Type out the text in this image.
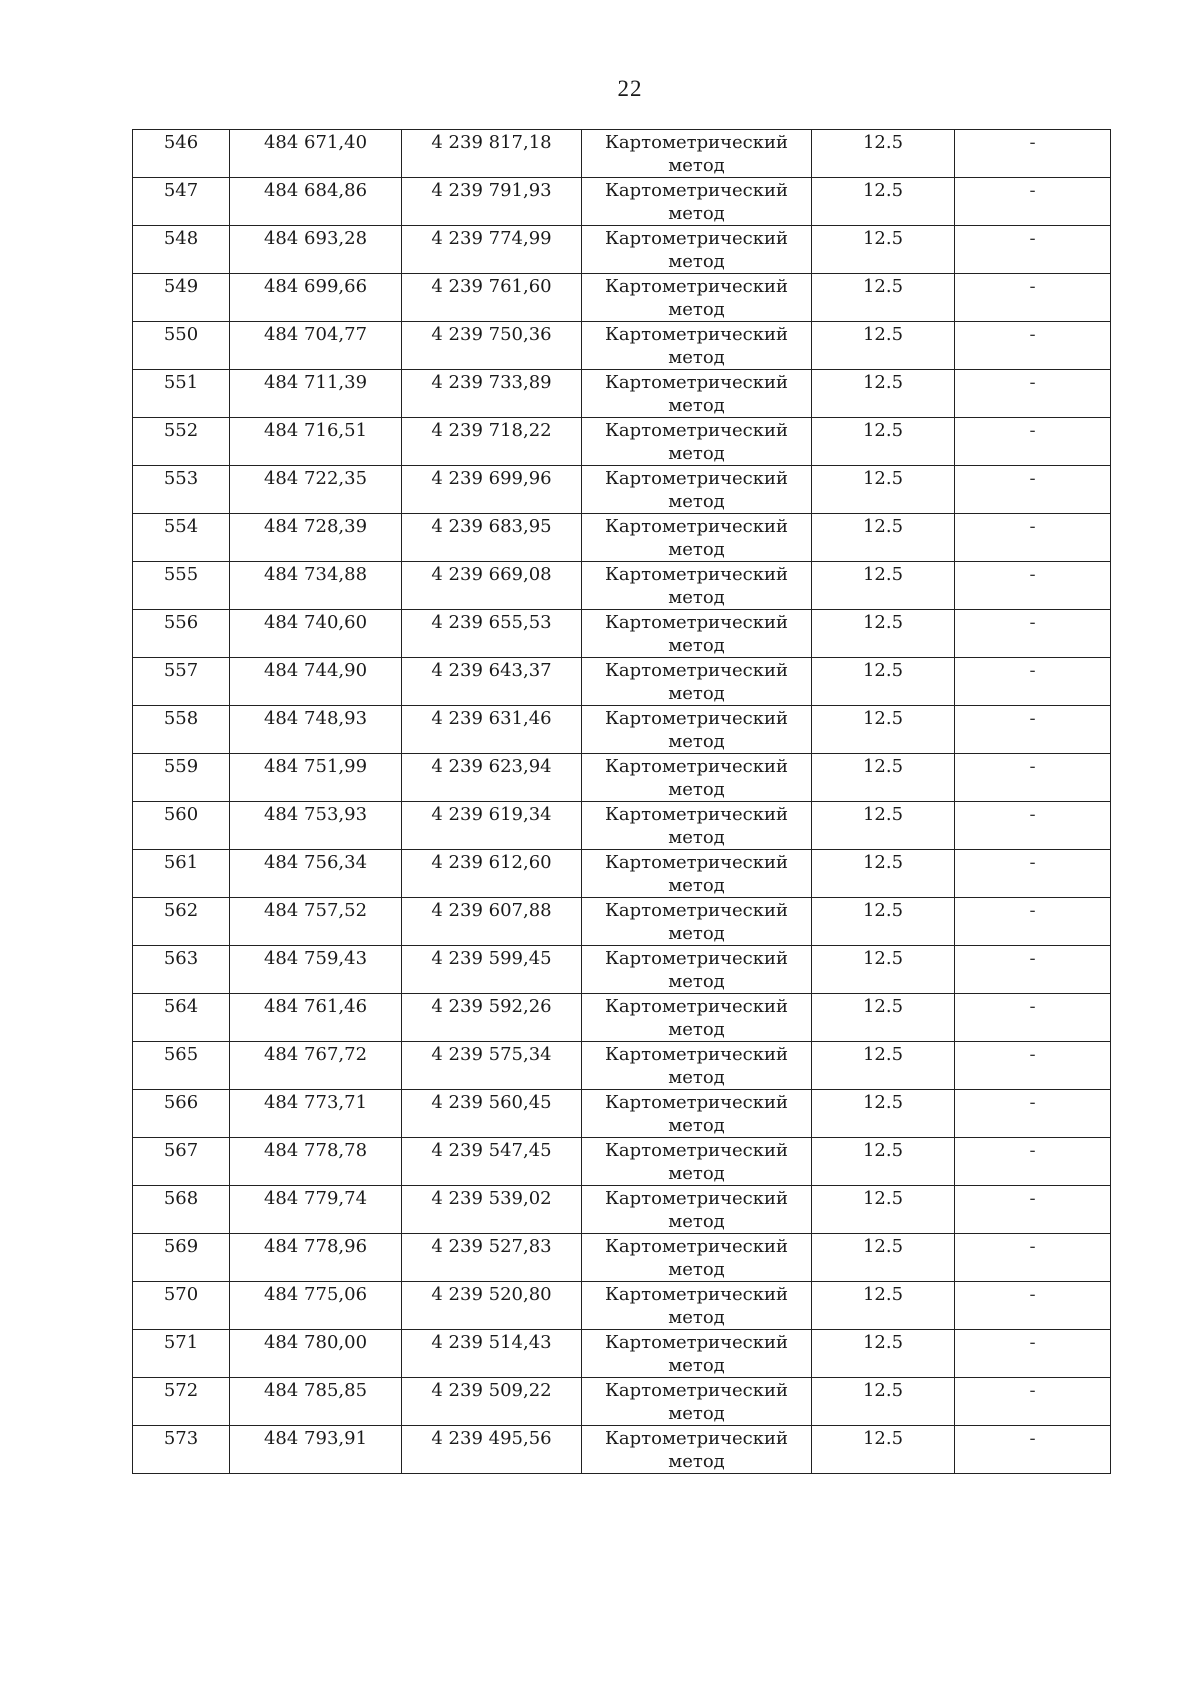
22
546	484 671,40	4 239 817,18	Картометрический метод	12.5	-
547	484 684,86	4 239 791,93	Картометрический метод	12.5	-
548	484 693,28	4 239 774,99	Картометрический метод	12.5	-
549	484 699,66	4 239 761,60	Картометрический метод	12.5	-
550	484 704,77	4 239 750,36	Картометрический метод	12.5	-
551	484 711,39	4 239 733,89	Картометрический метод	12.5	-
552	484 716,51	4 239 718,22	Картометрический метод	12.5	-
553	484 722,35	4 239 699,96	Картометрический метод	12.5	-
554	484 728,39	4 239 683,95	Картометрический метод	12.5	-
555	484 734,88	4 239 669,08	Картометрический метод	12.5	-
556	484 740,60	4 239 655,53	Картометрический метод	12.5	-
557	484 744,90	4 239 643,37	Картометрический метод	12.5	-
558	484 748,93	4 239 631,46	Картометрический метод	12.5	-
559	484 751,99	4 239 623,94	Картометрический метод	12.5	-
560	484 753,93	4 239 619,34	Картометрический метод	12.5	-
561	484 756,34	4 239 612,60	Картометрический метод	12.5	-
562	484 757,52	4 239 607,88	Картометрический метод	12.5	-
563	484 759,43	4 239 599,45	Картометрический метод	12.5	-
564	484 761,46	4 239 592,26	Картометрический метод	12.5	-
565	484 767,72	4 239 575,34	Картометрический метод	12.5	-
566	484 773,71	4 239 560,45	Картометрический метод	12.5	-
567	484 778,78	4 239 547,45	Картометрический метод	12.5	-
568	484 779,74	4 239 539,02	Картометрический метод	12.5	-
569	484 778,96	4 239 527,83	Картометрический метод	12.5	-
570	484 775,06	4 239 520,80	Картометрический метод	12.5	-
571	484 780,00	4 239 514,43	Картометрический метод	12.5	-
572	484 785,85	4 239 509,22	Картометрический метод	12.5	-
573	484 793,91	4 239 495,56	Картометрический метод	12.5	-
